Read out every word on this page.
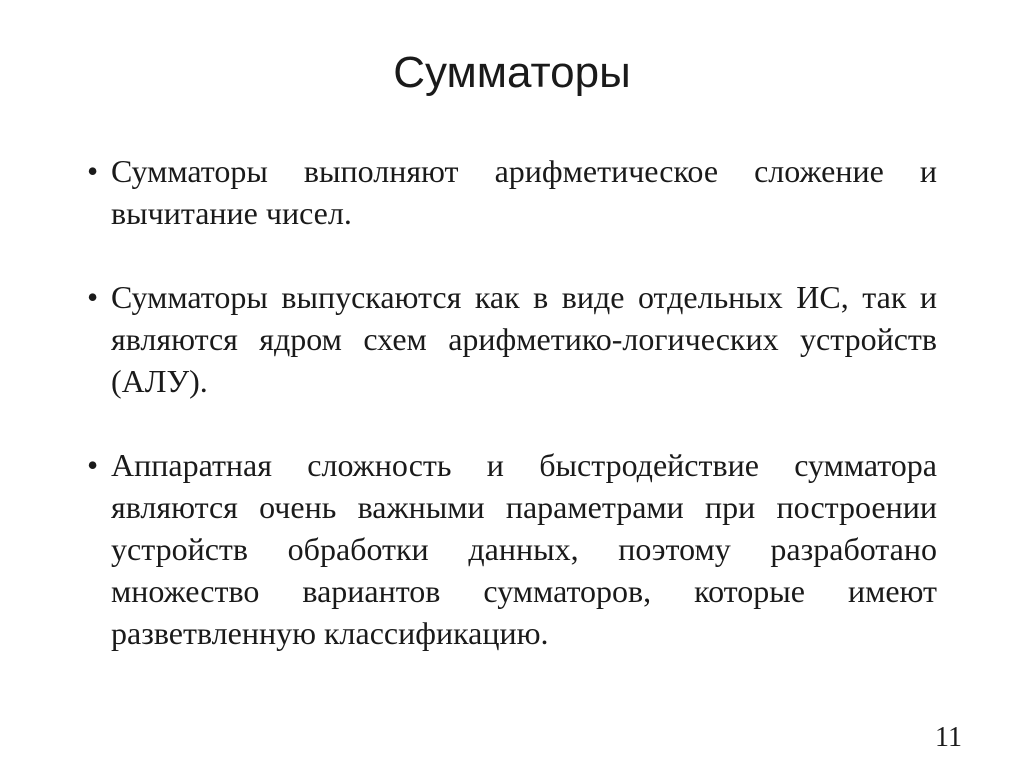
Сумматоры
• Сумматоры выполняют арифметическое сложение и вычитание чисел.
• Сумматоры выпускаются как в виде отдельных ИС, так и являются ядром схем арифметико-логических устройств (АЛУ).
• Аппаратная сложность и быстродействие сумматора являются очень важными параметрами при построении устройств обработки данных, поэтому разработано множество вариантов сумматоров, которые имеют разветвленную классификацию.
11
